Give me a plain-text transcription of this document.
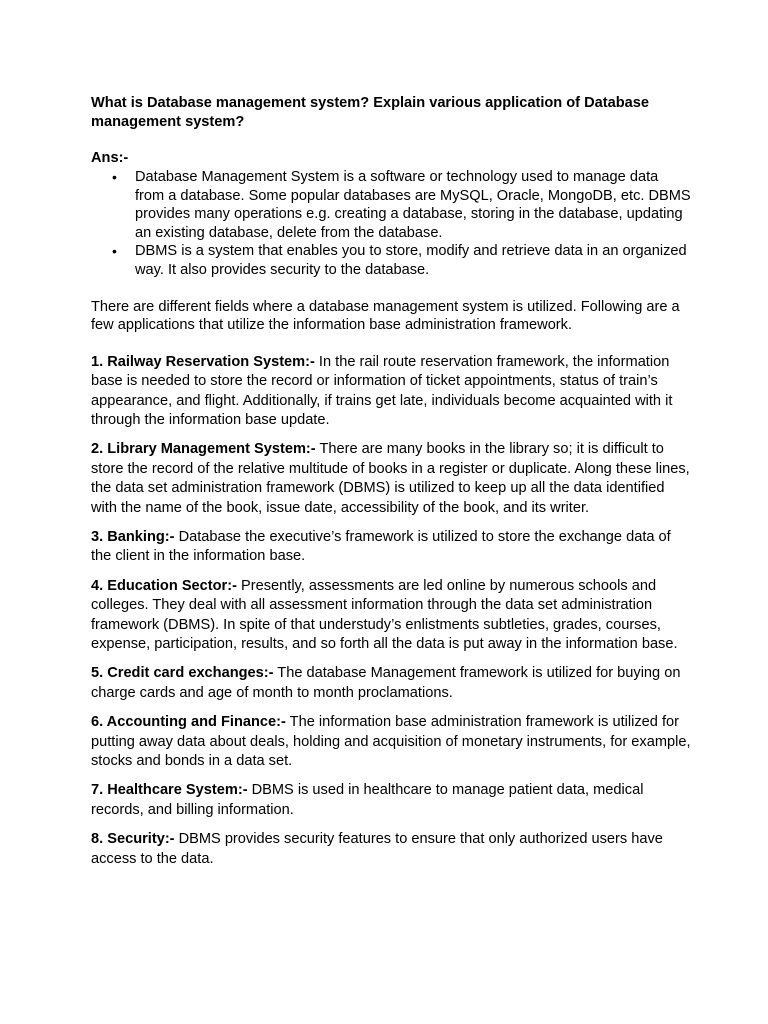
What is Database management system? Explain various application of Database management system?

Ans:-

• Database Management System is a software or technology used to manage data from a database. Some popular databases are MySQL, Oracle, MongoDB, etc. DBMS provides many operations e.g. creating a database, storing in the database, updating an existing database, delete from the database.
• DBMS is a system that enables you to store, modify and retrieve data in an organized way. It also provides security to the database.

There are different fields where a database management system is utilized. Following are a few applications that utilize the information base administration framework.

1. Railway Reservation System:- In the rail route reservation framework, the information base is needed to store the record or information of ticket appointments, status of train’s appearance, and flight. Additionally, if trains get late, individuals become acquainted with it through the information base update.

2. Library Management System:- There are many books in the library so; it is difficult to store the record of the relative multitude of books in a register or duplicate. Along these lines, the data set administration framework (DBMS) is utilized to keep up all the data identified with the name of the book, issue date, accessibility of the book, and its writer.

3. Banking:- Database the executive’s framework is utilized to store the exchange data of the client in the information base.

4. Education Sector:- Presently, assessments are led online by numerous schools and colleges. They deal with all assessment information through the data set administration framework (DBMS). In spite of that understudy’s enlistments subtleties, grades, courses, expense, participation, results, and so forth all the data is put away in the information base.

5. Credit card exchanges:- The database Management framework is utilized for buying on charge cards and age of month to month proclamations.

6. Accounting and Finance:- The information base administration framework is utilized for putting away data about deals, holding and acquisition of monetary instruments, for example, stocks and bonds in a data set.

7. Healthcare System:- DBMS is used in healthcare to manage patient data, medical records, and billing information.

8. Security:- DBMS provides security features to ensure that only authorized users have access to the data.
